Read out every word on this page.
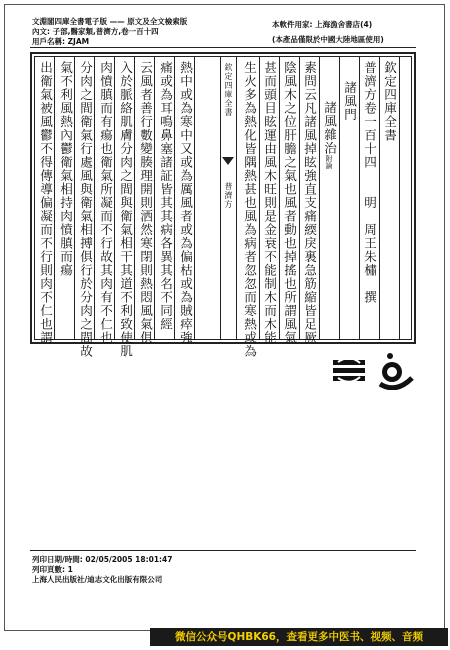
文淵閣四庫全書電子版 —— 原文及全文檢索版
內文: 子部,醫家類,普濟方,卷一百十四
用戶名稱: ZJAM
本軟件用家: 上海漁舍書店(4)
(本產品僅限於中國大陸地區使用)
出衛氣被風鬱不得傳導偏凝而不行則肉不仁也謂 氣不利風熱內鬱衛氣相持肉憤䐜而瘍 分肉之間衛氣行處風與衛氣相搏俱行於分肉之間故 肉憤䐜而有瘍也衛氣所凝而不行故其肉有不仁也 入於脈絡肌膚分肉之間與衛氣相干其道不利致使肌 云風者善行數變腠理開則洒然寒閉則熱悶風氣俱 痛或為耳鳴鼻塞諸証皆其其病各異其名不同經 熱中或為寒中又或為厲風者或為偏枯或為賊瘁強	欽定四庫全書
普濟方 生火多為熱化皆隅熱甚也風為病者忽忽而寒熱或為 甚而頭目眩運由風木旺則是金衰不能制木而木能 陰風木之位肝膽之氣也風者動也掉搖也所謂風氣 素問云凡諸風掉眩強直支痛緛戾裏急筋縮皆足厥 諸風雜治附論
諸風門 普濟方卷一百十四　　明　周王朱橚　撰 欽定四庫全書
列印日期/時間: 02/05/2005 18:01:47
列印頁數: 1
上海人民出版社/迪志文化出版有限公司
微信公众号QHBK66，查看更多中医书、视频、音频
